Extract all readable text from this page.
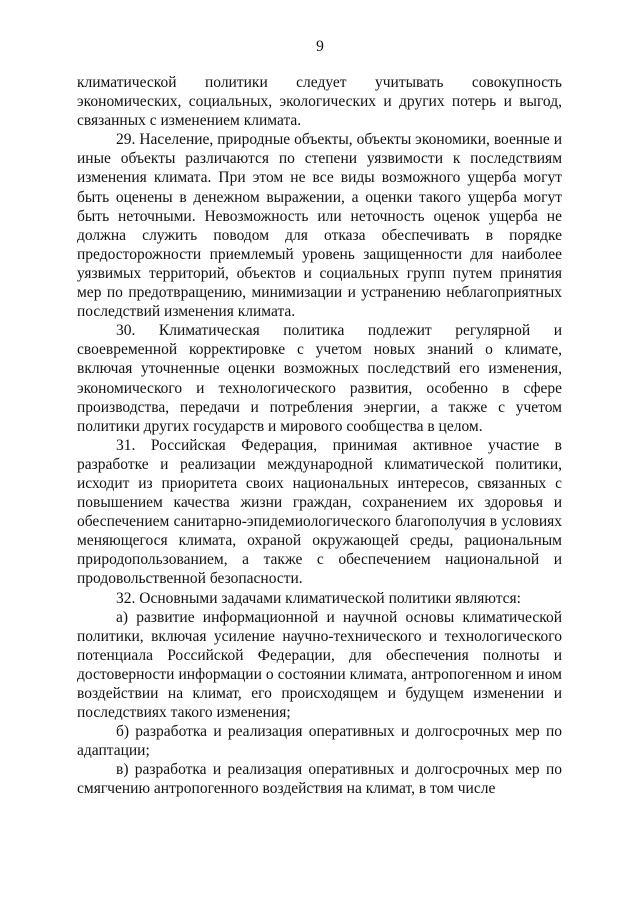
9

климатической политики следует учитывать совокупность экономических, социальных, экологических и других потерь и выгод, связанных с изменением климата.

29. Население, природные объекты, объекты экономики, военные и иные объекты различаются по степени уязвимости к последствиям изменения климата. При этом не все виды возможного ущерба могут быть оценены в денежном выражении, а оценки такого ущерба могут быть неточными. Невозможность или неточность оценок ущерба не должна служить поводом для отказа обеспечивать в порядке предосторожности приемлемый уровень защищенности для наиболее уязвимых территорий, объектов и социальных групп путем принятия мер по предотвращению, минимизации и устранению неблагоприятных последствий изменения климата.

30. Климатическая политика подлежит регулярной и своевременной корректировке с учетом новых знаний о климате, включая уточненные оценки возможных последствий его изменения, экономического и технологического развития, особенно в сфере производства, передачи и потребления энергии, а также с учетом политики других государств и мирового сообщества в целом.

31. Российская Федерация, принимая активное участие в разработке и реализации международной климатической политики, исходит из приоритета своих национальных интересов, связанных с повышением качества жизни граждан, сохранением их здоровья и обеспечением санитарно-эпидемиологического благополучия в условиях меняющегося климата, охраной окружающей среды, рациональным природопользованием, а также с обеспечением национальной и продовольственной безопасности.

32. Основными задачами климатической политики являются:

а) развитие информационной и научной основы климатической политики, включая усиление научно-технического и технологического потенциала Российской Федерации, для обеспечения полноты и достоверности информации о состоянии климата, антропогенном и ином воздействии на климат, его происходящем и будущем изменении и последствиях такого изменения;

б) разработка и реализация оперативных и долгосрочных мер по адаптации;

в) разработка и реализация оперативных и долгосрочных мер по смягчению антропогенного воздействия на климат, в том числе
